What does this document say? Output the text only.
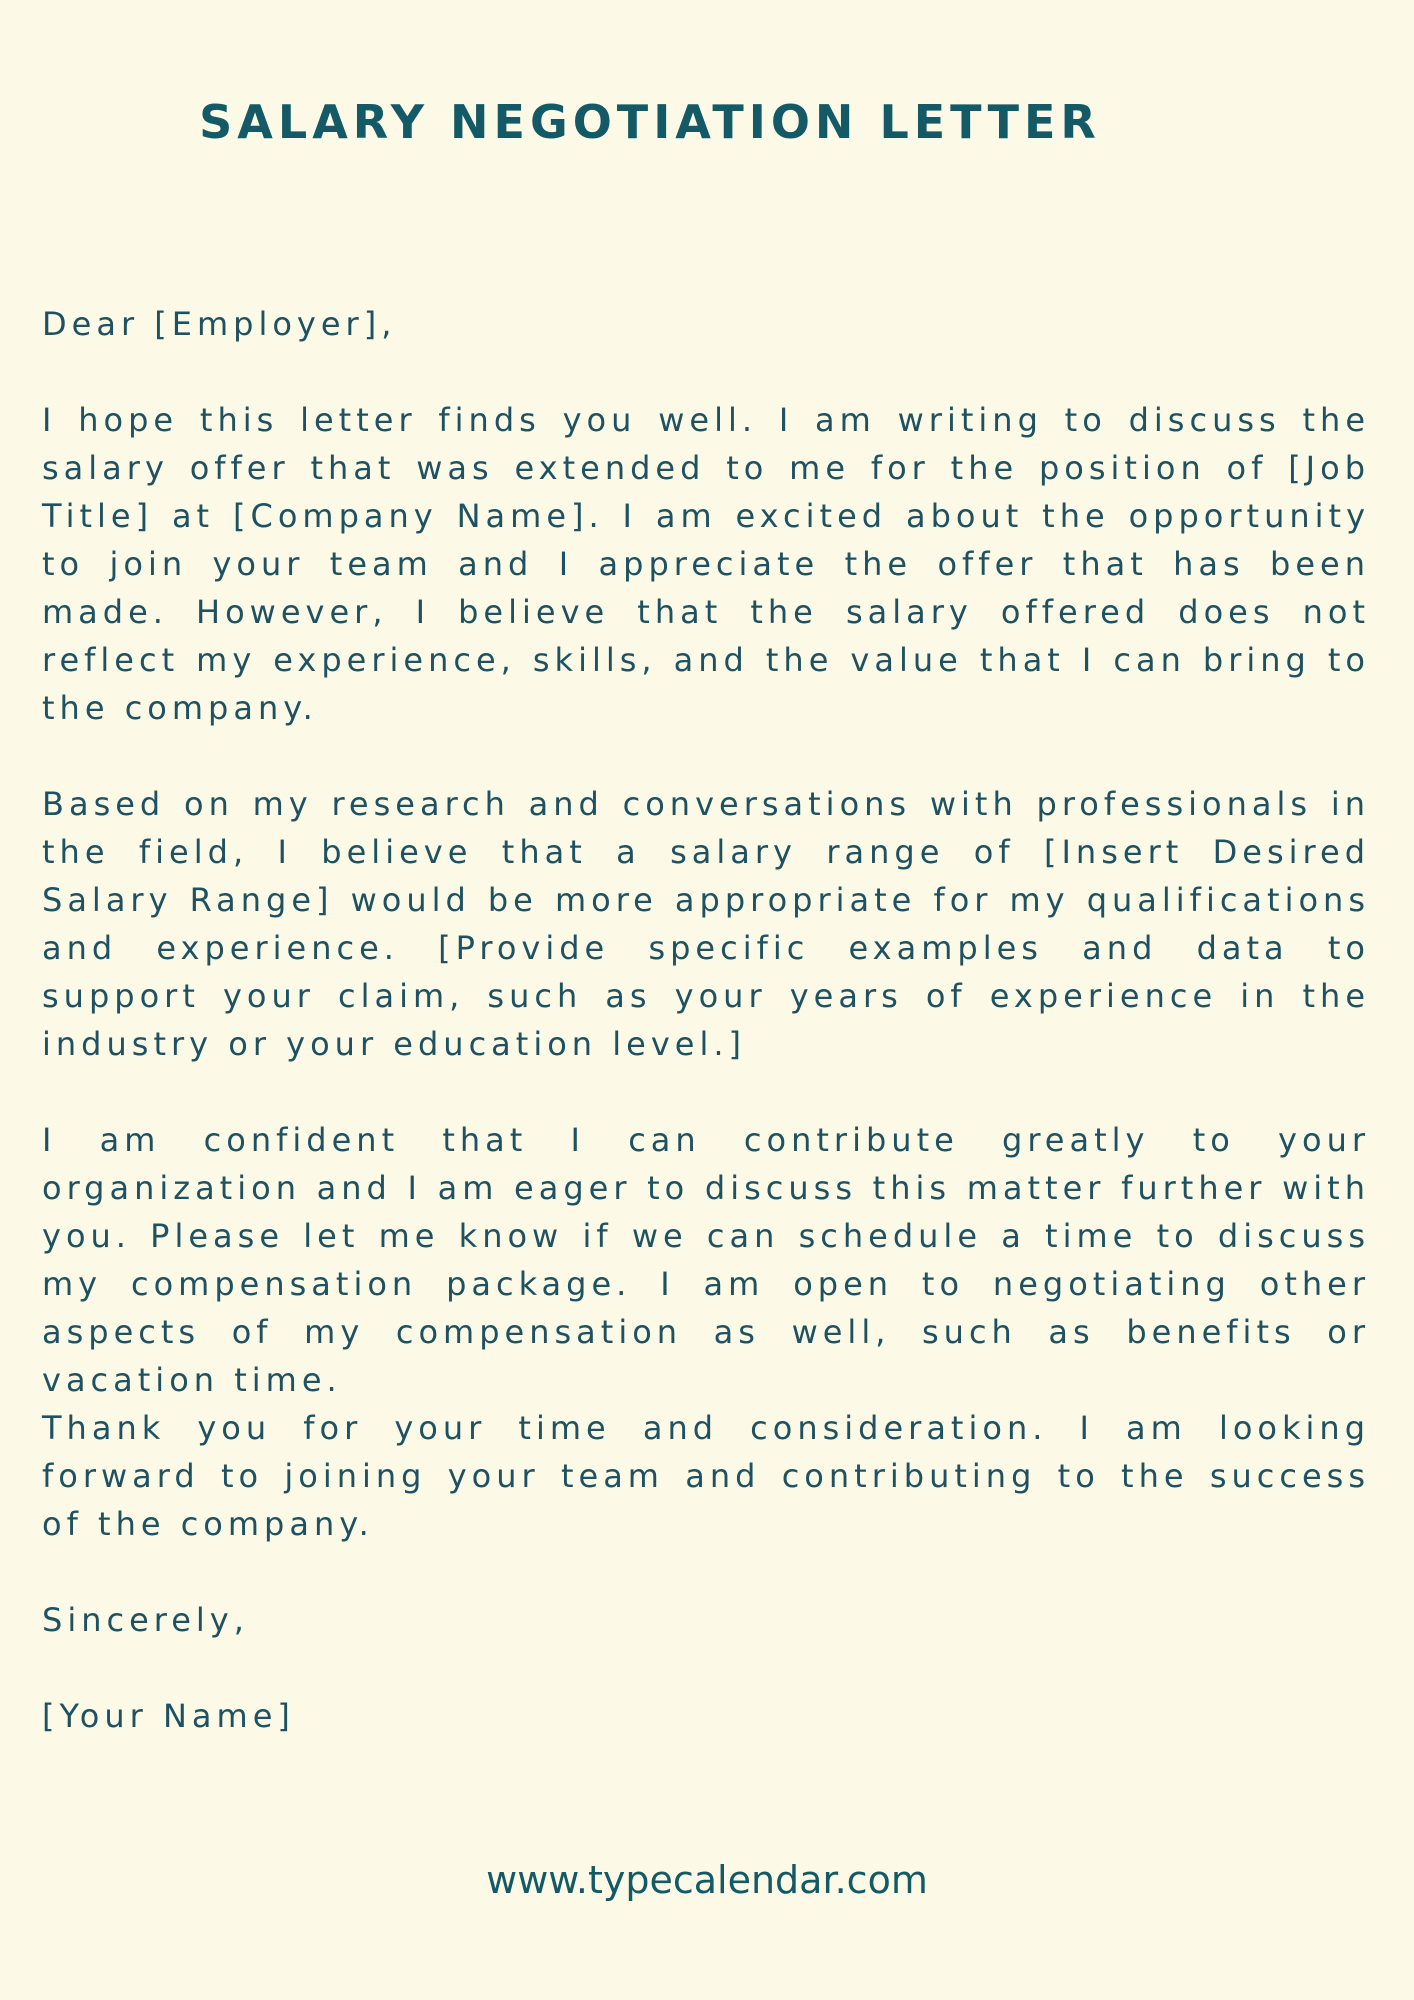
SALARY NEGOTIATION LETTER

Dear [Employer],

I hope this letter finds you well. I am writing to discuss the

salary offer that was extended to me for the position of [Job

Title] at [Company Name]. I am excited about the opportunity

to join your team and I appreciate the offer that has been

made. However, I believe that the salary offered does not

reflect my experience, skills, and the value that I can bring to

the company.

Based on my research and conversations with professionals in

the field, I believe that a salary range of [Insert Desired

Salary Range] would be more appropriate for my qualifications

and experience. [Provide specific examples and data to

support your claim, such as your years of experience in the

industry or your education level.]

I am confident that I can contribute greatly to your

organization and I am eager to discuss this matter further with

you. Please let me know if we can schedule a time to discuss

my compensation package. I am open to negotiating other

aspects of my compensation as well, such as benefits or

vacation time.

Thank you for your time and consideration. I am looking

forward to joining your team and contributing to the success

of the company.

Sincerely,

[Your Name]

www.typecalendar.com
